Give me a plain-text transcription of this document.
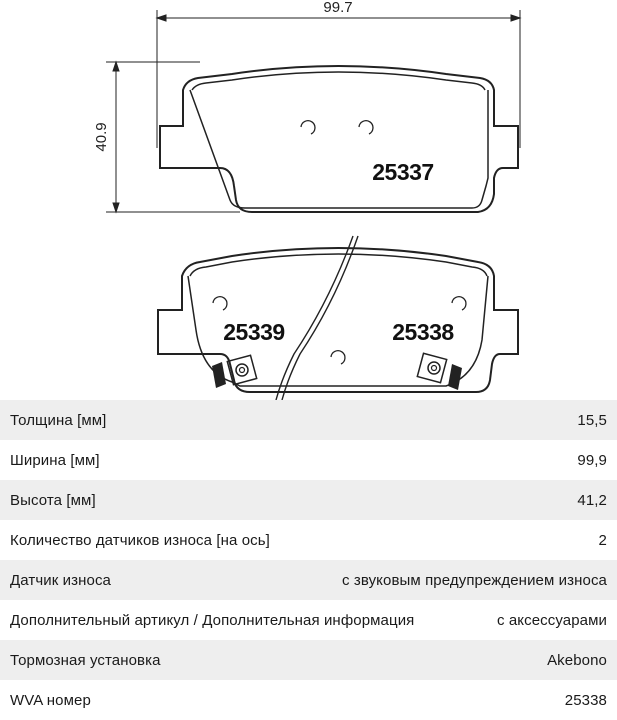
99.7
40.9
25337
25339	25338
Толщина [мм]	15,5
Ширина [мм]	99,9
Высота [мм]	41,2
Количество датчиков износа [на ось]	2
Датчик износа	с звуковым предупреждением износа
Дополнительный артикул / Дополнительная информация	с аксессуарами
Тормозная установка	Akebono
WVA номер	25338
